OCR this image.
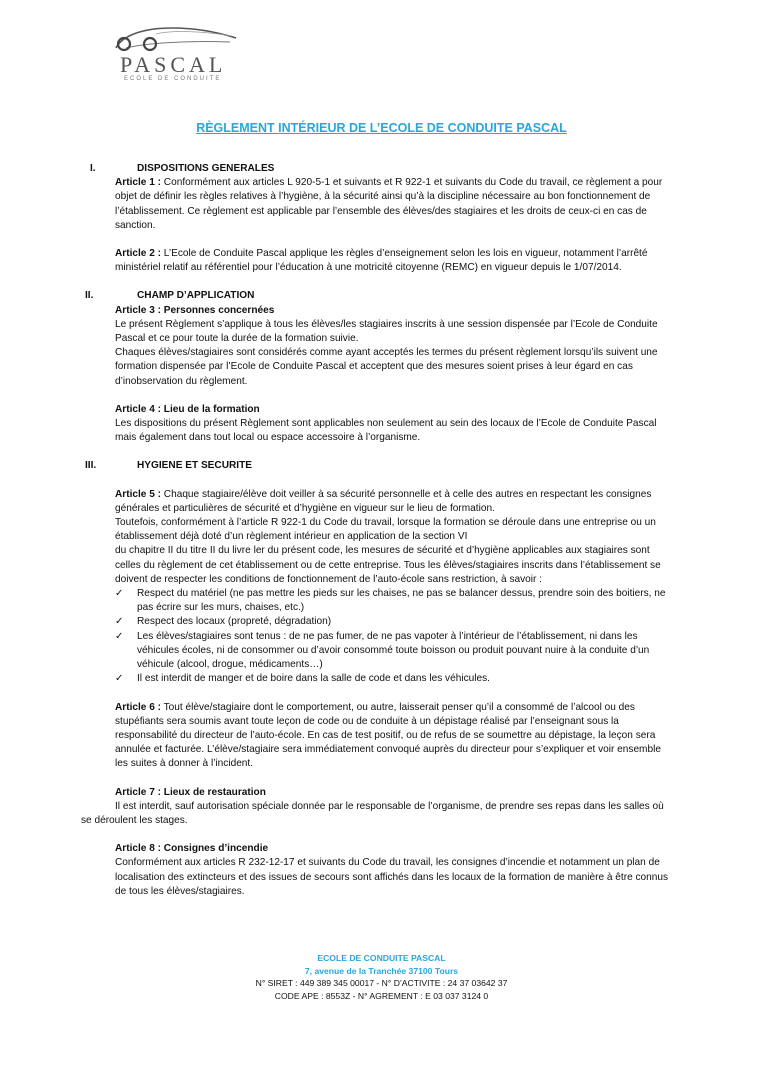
PASCAL
ECOLE DE CONDUITE
RÈGLEMENT INTÉRIEUR DE L’ECOLE DE CONDUITE PASCAL
I.	DISPOSITIONS GENERALES

Article 1 : Conformément aux articles L 920-5-1 et suivants et R 922-1 et suivants du Code du travail, ce règlement a pour objet de définir les règles relatives à l’hygiène, à la sécurité ainsi qu’à la discipline nécessaire au bon fonctionnement de l’établissement. Ce règlement est applicable par l’ensemble des élèves/des stagiaires et les droits de ceux-ci en cas de sanction.

Article 2 : L’Ecole de Conduite Pascal applique les règles d’enseignement selon les lois en vigueur, notamment l’arrêté ministériel relatif au référentiel pour l’éducation à une motricité citoyenne (REMC) en vigueur depuis le 1/07/2014.

II.	CHAMP D’APPLICATION

Article 3 : Personnes concernées

Le présent Règlement s’applique à tous les élèves/les stagiaires inscrits à une session dispensée par l’Ecole de Conduite Pascal et ce pour toute la durée de la formation suivie.

Chaques élèves/stagiaires sont considérés comme ayant acceptés les termes du présent règlement lorsqu’ils suivent une formation dispensée par l’Ecole de Conduite Pascal et acceptent que des mesures soient prises à leur égard en cas d’inobservation du règlement.

Article 4 : Lieu de la formation

Les dispositions du présent Règlement sont applicables non seulement au sein des locaux de l’Ecole de Conduite Pascal mais également dans tout local ou espace accessoire à l’organisme.

III.	HYGIENE ET SECURITE

Article 5 : Chaque stagiaire/élève doit veiller à sa sécurité personnelle et à celle des autres en respectant les consignes générales et particulières de sécurité et d’hygiène en vigueur sur le lieu de formation.

Toutefois, conformément à l’article R 922-1 du Code du travail, lorsque la formation se déroule dans une entreprise ou un établissement déjà doté d’un règlement intérieur en application de la section VI

du chapitre II du titre II du livre ler du présent code, les mesures de sécurité et d’hygiène applicables aux stagiaires sont celles du règlement de cet établissement ou de cette entreprise. Tous les élèves/stagiaires inscrits dans l’établissement se doivent de respecter les conditions de fonctionnement de l’auto-école sans restriction, à savoir :

✓ Respect du matériel (ne pas mettre les pieds sur les chaises, ne pas se balancer dessus, prendre soin des boitiers, ne pas écrire sur les murs, chaises, etc.)
✓ Respect des locaux (propreté, dégradation)
✓ Les élèves/stagiaires sont tenus : de ne pas fumer, de ne pas vapoter à l’intérieur de l’établissement, ni dans les véhicules écoles, ni de consommer ou d’avoir consommé toute boisson ou produit pouvant nuire à la conduite d’un véhicule (alcool, drogue, médicaments…)
✓ Il est interdit de manger et de boire dans la salle de code et dans les véhicules.

Article 6 : Tout élève/stagiaire dont le comportement, ou autre, laisserait penser qu’il a consommé de l’alcool ou des stupéfiants sera soumis avant toute leçon de code ou de conduite à un dépistage réalisé par l’enseignant sous la responsabilité du directeur de l’auto-école. En cas de test positif, ou de refus de se soumettre au dépistage, la leçon sera annulée et facturée. L’élève/stagiaire sera immédiatement convoqué auprès du directeur pour s’expliquer et voir ensemble les suites à donner à l’incident.

Article 7 : Lieux de restauration

Il est interdit, sauf autorisation spéciale donnée par le responsable de l’organisme, de prendre ses repas dans les salles où se déroulent les stages.

Article 8 : Consignes d’incendie

Conformément aux articles R 232-12-17 et suivants du Code du travail, les consignes d’incendie et notamment un plan de localisation des extincteurs et des issues de secours sont affichés dans les locaux de la formation de manière à être connus de tous les élèves/stagiaires.

ECOLE DE CONDUITE PASCAL
7, avenue de la Tranchée 37100 Tours
N° SIRET : 449 389 345 00017 - N° D’ACTIVITE : 24 37 03642 37
CODE APE : 8553Z - N° AGREMENT : E 03 037 3124 0
